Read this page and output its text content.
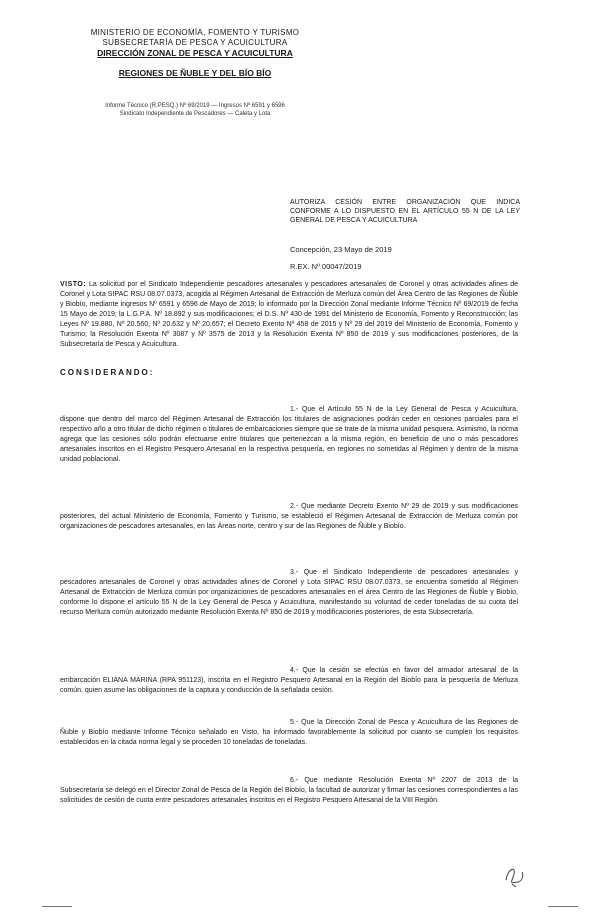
MINISTERIO DE ECONOMÍA, FOMENTO Y TURISMO
SUBSECRETARÍA DE PESCA Y ACUICULTURA
DIRECCIÓN ZONAL DE PESCA Y ACUICULTURA
REGIONES DE ÑUBLE Y DEL BÍO BÍO
Informe Técnico (R.PESQ.) Nº 69/2019 — Ingresos Nº 6591 y 6596
Sindicato Independiente de Pescadores — Caleta y Lota
AUTORIZA CESIÓN ENTRE ORGANIZACIÓN QUE INDICA CONFORME A LO DISPUESTO EN EL ARTÍCULO 55 N DE LA LEY GENERAL DE PESCA Y ACUICULTURA
Concepción, 23 Mayo de 2019
R.EX. Nº 00047/2019
VISTO: La solicitud por el Sindicato Independiente pescadores artesanales y pescadores artesanales de Coronel y otras actividades afines de Coronel y Lota SIPAC RSU 08.07.0373, acogida al Régimen Artesanal de Extracción de Merluza común del Área Centro de las Regiones de Ñuble y Biobío, mediante ingresos Nº 6591 y 6596 de Mayo de 2019; lo informado por la Dirección Zonal mediante Informe Técnico Nº 69/2019 de fecha 15 Mayo de 2019; la L.G.P.A. Nº 18.892 y sus modificaciones; el D.S. Nº 430 de 1991 del Ministerio de Economía, Fomento y Reconstrucción; las Leyes Nº 19.880, Nº 20.560, Nº 20.632 y Nº 20.657; el Decreto Exento Nº 458 de 2015 y Nº 29 del 2019 del Ministerio de Economía, Fomento y Turismo; la Resolución Exenta Nº 3087 y Nº 3575 de 2013 y la Resolución Exenta Nº 850 de 2019 y sus modificaciones posteriores, de la Subsecretaría de Pesca y Acuicultura.
CONSIDERANDO:
1.- Que el Artículo 55 N de la Ley General de Pesca y Acuicultura, dispone que dentro del marco del Régimen Artesanal de Extracción los titulares de asignaciones podrán ceder en cesiones parciales para el respectivo año a otro titular de dicho régimen o titulares de embarcaciones siempre que se trate de la misma unidad pesquera. Asimismo, la norma agrega que las cesiones sólo podrán efectuarse entre titulares que pertenezcan a la misma región, en beneficio de uno o más pescadores artesanales inscritos en el Registro Pesquero Artesanal en la respectiva pesquería, en regiones no sometidas al Régimen y dentro de la misma unidad poblacional.
2.- Que mediante Decreto Exento Nº 29 de 2019 y sus modificaciones posteriores, del actual Ministerio de Economía, Fomento y Turismo, se estableció el Régimen Artesanal de Extracción de Merluza común por organizaciones de pescadores artesanales, en las Áreas norte, centro y sur de las Regiones de Ñuble y Biobío.
3.- Que el Sindicato Independiente de pescadores artesanales y pescadores artesanales de Coronel y otras actividades afines de Coronel y Lota SIPAC RSU 08.07.0373, se encuentra sometido al Régimen Artesanal de Extracción de Merluza común por organizaciones de pescadores artesanales en el área Centro de las Regiones de Ñuble y Biobío, conforme lo dispone el artículo 55 N de la Ley General de Pesca y Acuicultura, manifestando su voluntad de ceder toneladas de su cuota del recurso Merluza común autorizado mediante Resolución Exenta Nº 850 de 2019 y modificaciones posteriores, de esta Subsecretaría.
4.- Que la cesión se efectúa en favor del armador artesanal de la embarcación ELIANA MARINA (RPA 951123), inscrita en el Registro Pesquero Artesanal en la Región del Biobío para la pesquería de Merluza común, quien asume las obligaciones de la captura y conducción de la señalada cesión.
5.- Que la Dirección Zonal de Pesca y Acuicultura de las Regiones de Ñuble y Biobío mediante Informe Técnico señalado en Visto, ha informado favorablemente la solicitud por cuanto se cumplen los requisitos establecidos en la citada norma legal y se proceden 10 toneladas de toneladas.
6.- Que mediante Resolución Exenta Nº 2207 de 2013 de la Subsecretaría se delegó en el Director Zonal de Pesca de la Región del Biobío, la facultad de autorizar y firmar las cesiones correspondientes a las solicitudes de cesión de cuota entre pescadores artesanales inscritos en el Registro Pesquero Artesanal de la VIII Región.
